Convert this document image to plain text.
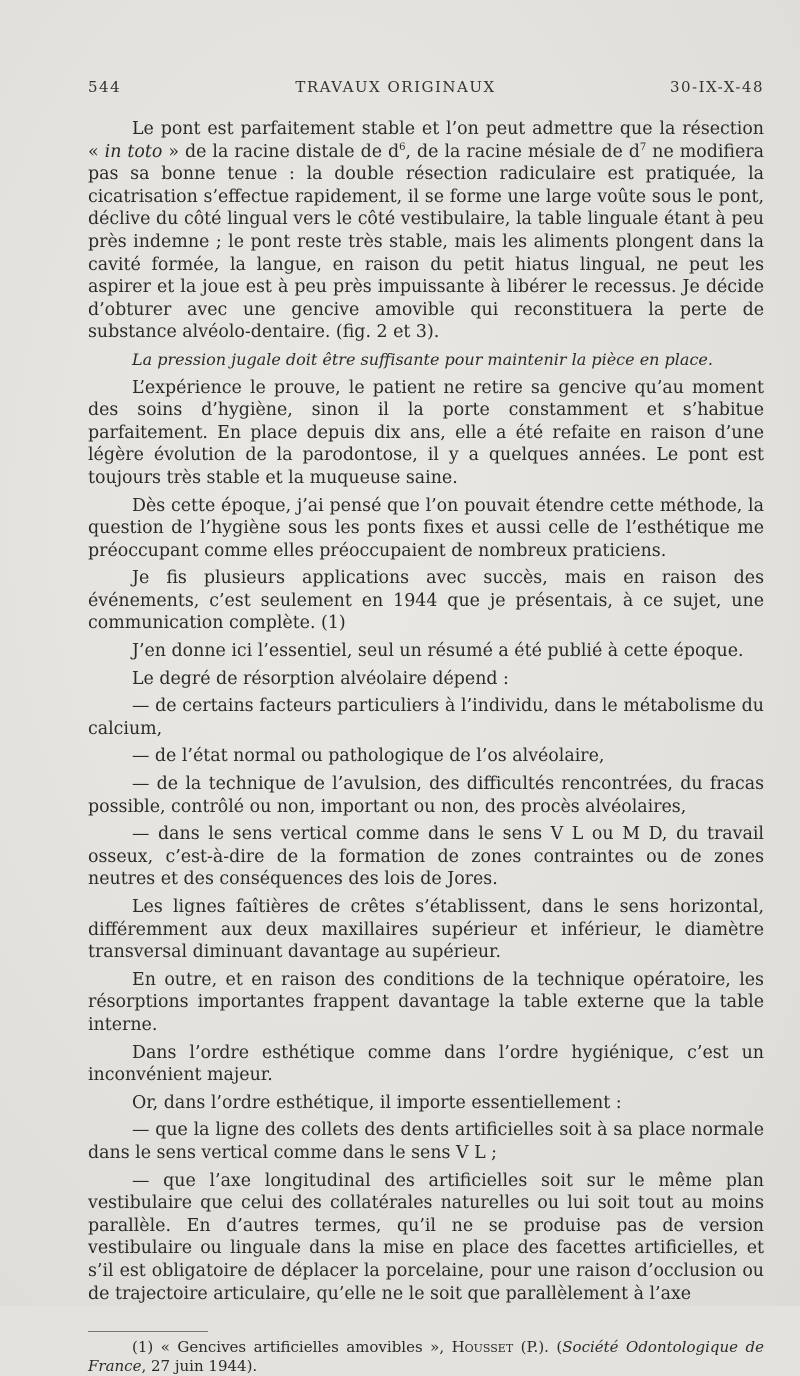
544	TRAVAUX ORIGINAUX	30-IX-X-48

Le pont est parfaitement stable et l’on peut admettre que la résection « in toto » de la racine distale de $d^6$, de la racine mésiale de $d^7$ ne modifiera pas sa bonne tenue : la double résection radiculaire est pratiquée, la cicatrisation s’effectue rapidement, il se forme une large voûte sous le pont, déclive du côté lingual vers le côté vestibulaire, la table linguale étant à peu près indemne ; le pont reste très stable, mais les aliments plongent dans la cavité formée, la langue, en raison du petit hiatus lingual, ne peut les aspirer et la joue est à peu près impuissante à libérer le recessus. Je décide d’obturer avec une gencive amovible qui reconstituera la perte de substance alvéolo-dentaire. (fig. 2 et 3).

La pression jugale doit être suffisante pour maintenir la pièce en place.

L’expérience le prouve, le patient ne retire sa gencive qu’au moment des soins d’hygiène, sinon il la porte constamment et s’habitue parfaitement. En place depuis dix ans, elle a été refaite en raison d’une légère évolution de la parodontose, il y a quelques années. Le pont est toujours très stable et la muqueuse saine.

Dès cette époque, j’ai pensé que l’on pouvait étendre cette méthode, la question de l’hygiène sous les ponts fixes et aussi celle de l’esthétique me préoccupant comme elles préoccupaient de nombreux praticiens.

Je fis plusieurs applications avec succès, mais en raison des événements, c’est seulement en 1944 que je présentais, à ce sujet, une communication complète. (1)

J’en donne ici l’essentiel, seul un résumé a été publié à cette époque.

Le degré de résorption alvéolaire dépend :

— de certains facteurs particuliers à l’individu, dans le métabolisme du calcium,

— de l’état normal ou pathologique de l’os alvéolaire,

— de la technique de l’avulsion, des difficultés rencontrées, du fracas possible, contrôlé ou non, important ou non, des procès alvéolaires,

— dans le sens vertical comme dans le sens V L ou M D, du travail osseux, c’est-à-dire de la formation de zones contraintes ou de zones neutres et des conséquences des lois de Jores.

Les lignes faîtières de crêtes s’établissent, dans le sens horizontal, différemment aux deux maxillaires supérieur et inférieur, le diamètre transversal diminuant davantage au supérieur.

En outre, et en raison des conditions de la technique opératoire, les résorptions importantes frappent davantage la table externe que la table interne.

Dans l’ordre esthétique comme dans l’ordre hygiénique, c’est un inconvénient majeur.

Or, dans l’ordre esthétique, il importe essentiellement :

— que la ligne des collets des dents artificielles soit à sa place normale dans le sens vertical comme dans le sens V L ;

— que l’axe longitudinal des artificielles soit sur le même plan vestibulaire que celui des collatérales naturelles ou lui soit tout au moins parallèle. En d’autres termes, qu’il ne se produise pas de version vestibulaire ou linguale dans la mise en place des facettes artificielles, et s’il est obligatoire de déplacer la porcelaine, pour une raison d’occlusion ou de trajectoire articulaire, qu’elle ne le soit que parallèlement à l’axe

(1) « Gencives artificielles amovibles », Housset (P.). (Société Odontologique de France, 27 juin 1944).
